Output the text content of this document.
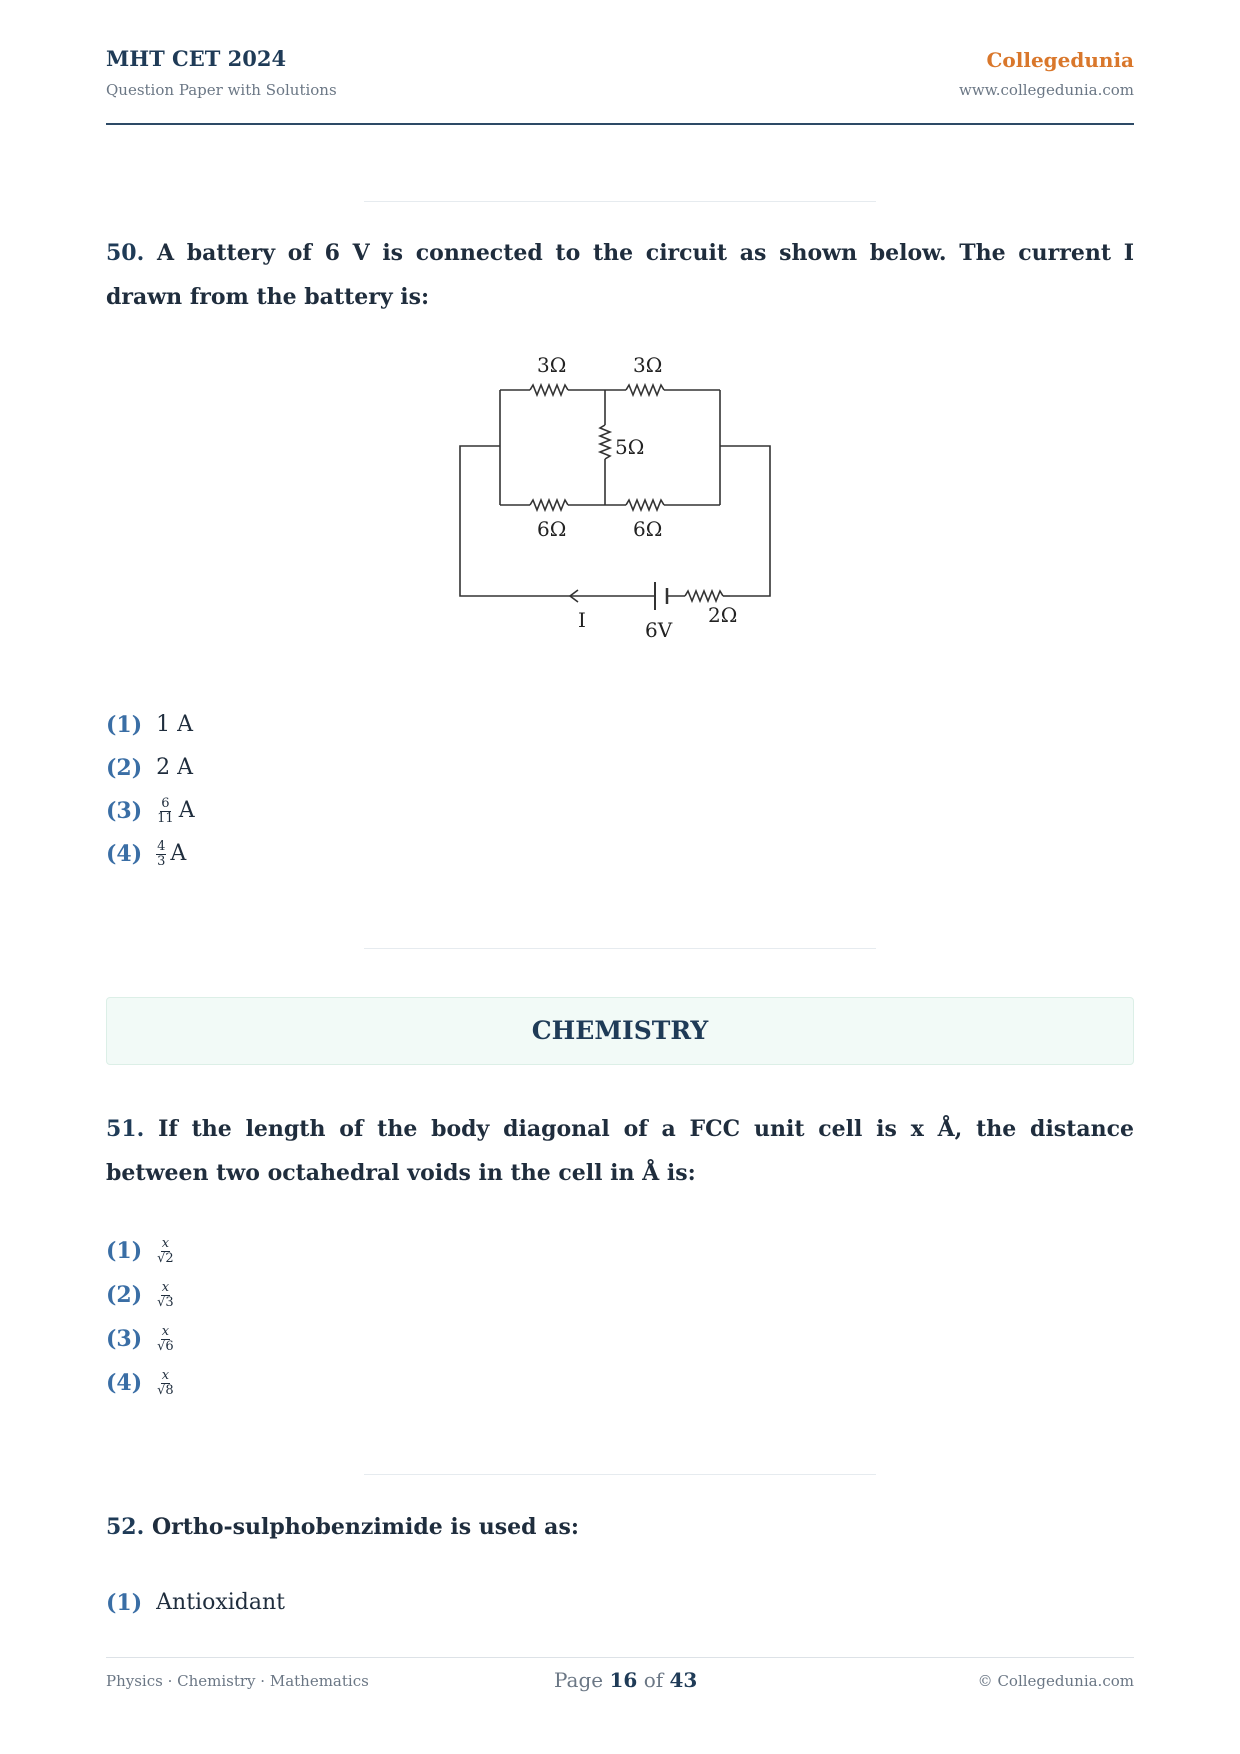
MHT CET 2024
Question Paper with Solutions
Collegedunia
www.collegedunia.com
50. A battery of 6 V is connected to the circuit as shown below. The current I drawn from the battery is:
3Ω	3Ω
5Ω
6Ω	6Ω
2Ω
6V
I
(1) 1 A
(2) 2 A
$(3) \frac{6}{11}$ A
$(4) \frac{4}{3}$ A
CHEMISTRY
51. If the length of the body diagonal of a FCC unit cell is x Å, the distance between two octahedral voids in the cell in Å is:
$(1) \frac{x}{√2}$
$(2) \frac{x}{√3}$
$(3) \frac{x}{√6}$
$(4) \frac{x}{√8}$
52. Ortho-sulphobenzimide is used as:
(1) Antioxidant
Physics · Chemistry · Mathematics	Page 16 of 43	© Collegedunia.com
